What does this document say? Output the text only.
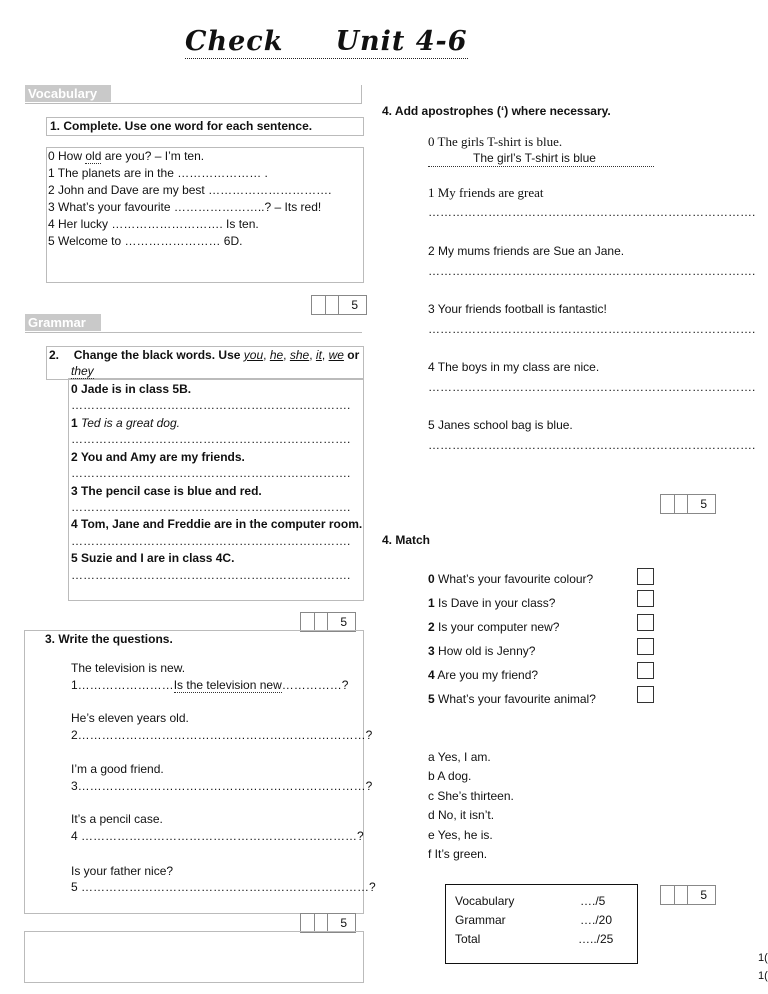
Check     Unit 4-6
Vocabulary
1. Complete. Use one word for each sentence.
0 How old are you? – I’m ten.
1 The planets are in the ………………… .
2 John and Dave are my best ………………………….
3 What’s your favourite …………………..? – Its red!
4 Her lucky ………………………. Is ten.
5 Welcome to …………………… 6D.
5
Grammar
2. Change the black words. Use you, he, she, it, we or
they
0 Jade is in class 5B.
…………………………………………………………….
1 Ted is a great dog.
…………………………………………………………….
2 You and Amy are my friends.
…………………………………………………………….
3 The pencil case is blue and red.
…………………………………………………………….
4 Tom, Jane and Freddie are in the computer room.
…………………………………………………………….
5 Suzie and I are in class 4C.
…………………………………………………………….
5
3. Write the questions.
The television is new.
1……………………Is the television new……………?
He’s eleven years old.
2………………………………………………………………?
I’m a good friend.
3………………………………………………………………?
It’s a pencil case.
4 ……………………………………………………………?
Is your father nice?
5 ………………………………………………………………?
5
4. Add apostrophes (‘) where necessary.
0 The girls T-shirt is blue.
The girl’s T-shirt is blue
1 My friends are great
……………………………………………………………………….
2 My mums friends are Sue an Jane.
……………………………………………………………………….
3 Your friends football is fantastic!
……………………………………………………………………….
4 The boys in my class are nice.
……………………………………………………………………….
5 Janes school bag is blue.
……………………………………………………………………….
5
4. Match
0 What’s your favourite colour?
1 Is Dave in your class?
2 Is your computer new?
3 How old is Jenny?
4 Are you my friend?
5 What’s your favourite animal?
a Yes, I am.
b A dog.
c She’s thirteen.
d No, it isn’t.
e Yes, he is.
f It’s green.
Vocabulary	…./5
Grammar	…./20
Total	…../25
5
1(
1(
